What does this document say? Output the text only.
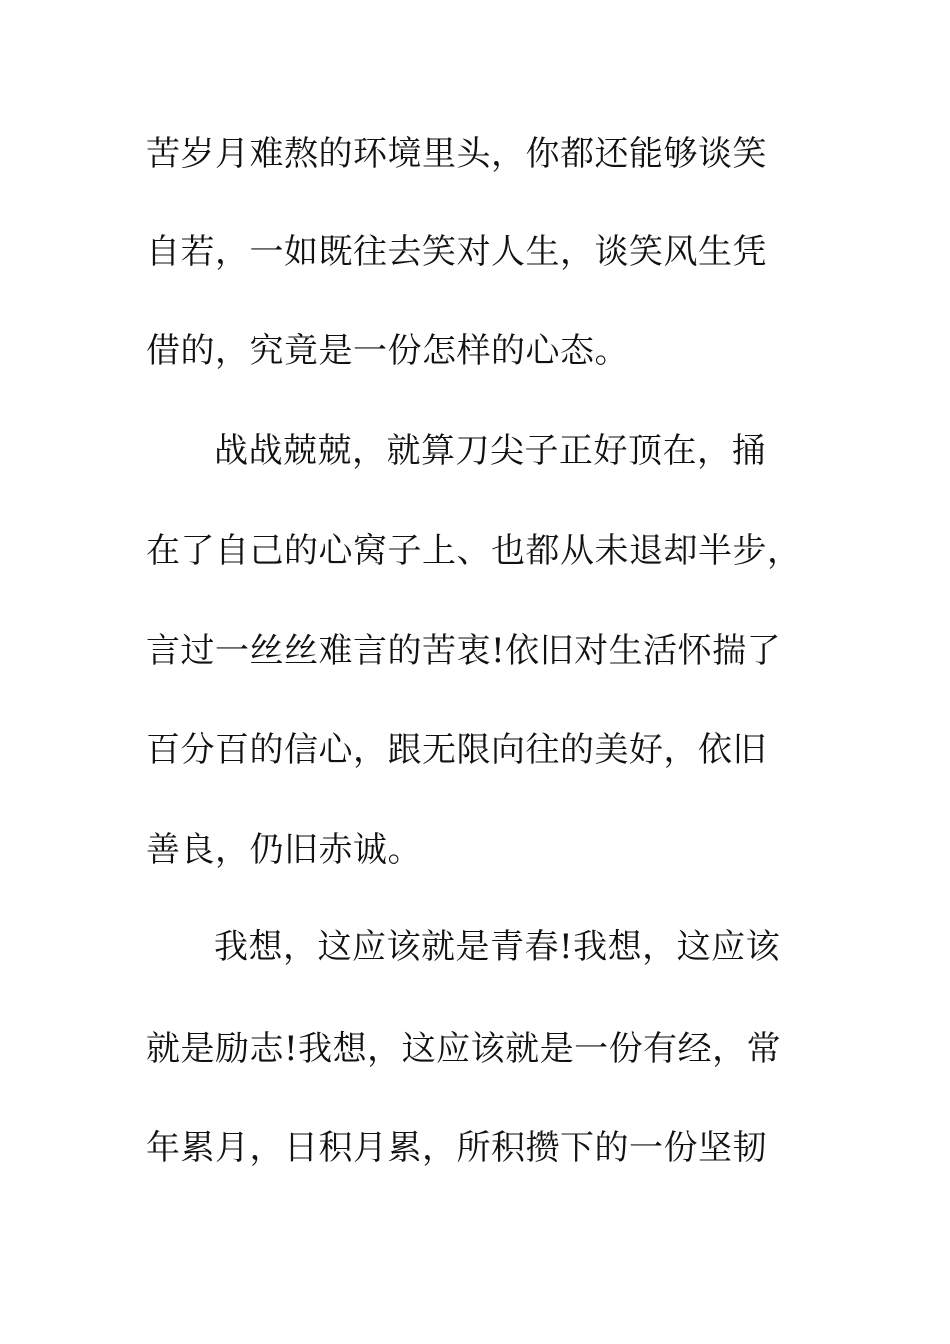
苦岁月难熬的环境里头，你都还能够谈笑
自若，一如既往去笑对人生，谈笑风生凭
借的，究竟是一份怎样的心态。
战战兢兢，就算刀尖子正好顶在，捅
在了自己的心窝子上、也都从未退却半步，
言过一丝丝难言的苦衷!依旧对生活怀揣了
百分百的信心，跟无限向往的美好，依旧
善良，仍旧赤诚。
我想，这应该就是青春!我想，这应该
就是励志!我想，这应该就是一份有经，常
年累月，日积月累，所积攒下的一份坚韧
